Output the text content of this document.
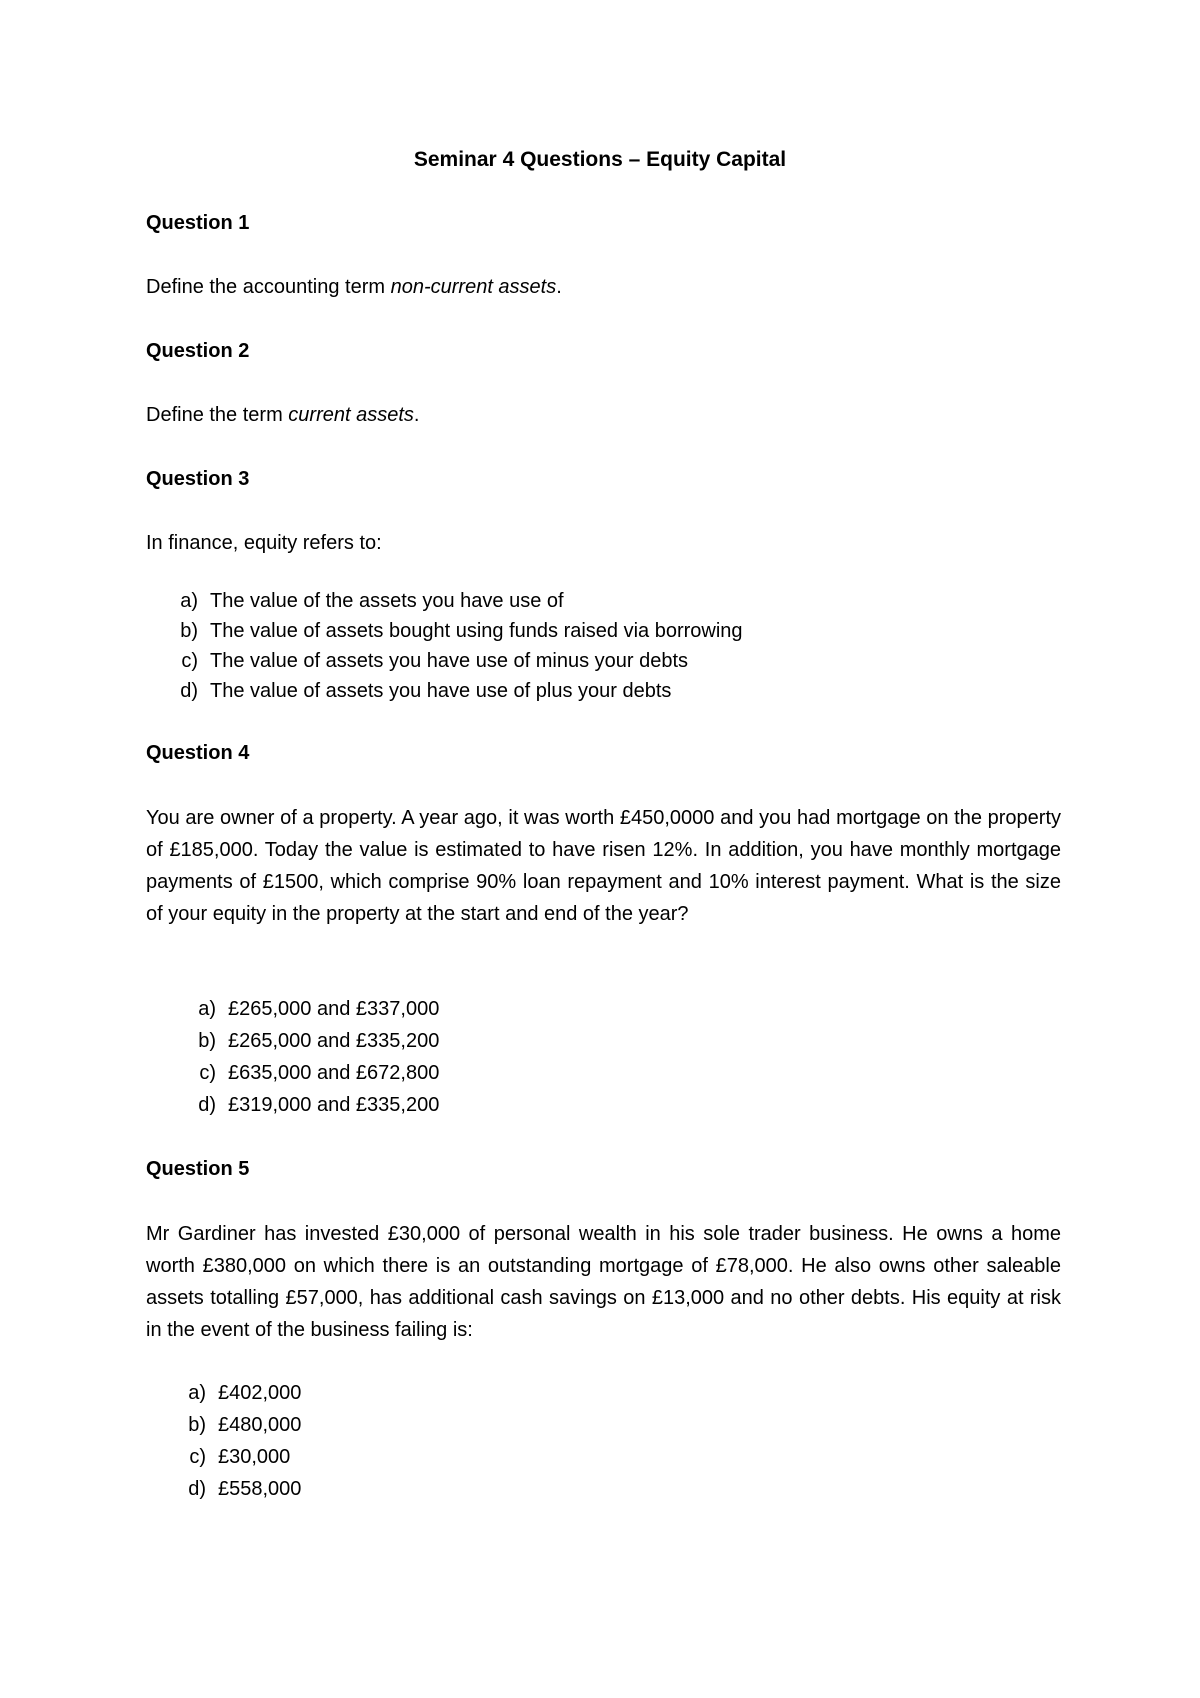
Seminar 4 Questions – Equity Capital
Question 1
Define the accounting term non-current assets.
Question 2
Define the term current assets.
Question 3
In finance, equity refers to:
a) The value of the assets you have use of
b) The value of assets bought using funds raised via borrowing
c) The value of assets you have use of minus your debts
d) The value of assets you have use of plus your debts
Question 4
You are owner of a property. A year ago, it was worth £450,0000 and you had mortgage on the property of £185,000. Today the value is estimated to have risen 12%. In addition, you have monthly mortgage payments of £1500, which comprise 90% loan repayment and 10% interest payment. What is the size of your equity in the property at the start and end of the year?
a) £265,000 and £337,000
b) £265,000 and £335,200
c) £635,000 and £672,800
d) £319,000 and £335,200
Question 5
Mr Gardiner has invested £30,000 of personal wealth in his sole trader business. He owns a home worth £380,000 on which there is an outstanding mortgage of £78,000. He also owns other saleable assets totalling £57,000, has additional cash savings on £13,000 and no other debts. His equity at risk in the event of the business failing is:
a) £402,000
b) £480,000
c) £30,000
d) £558,000
